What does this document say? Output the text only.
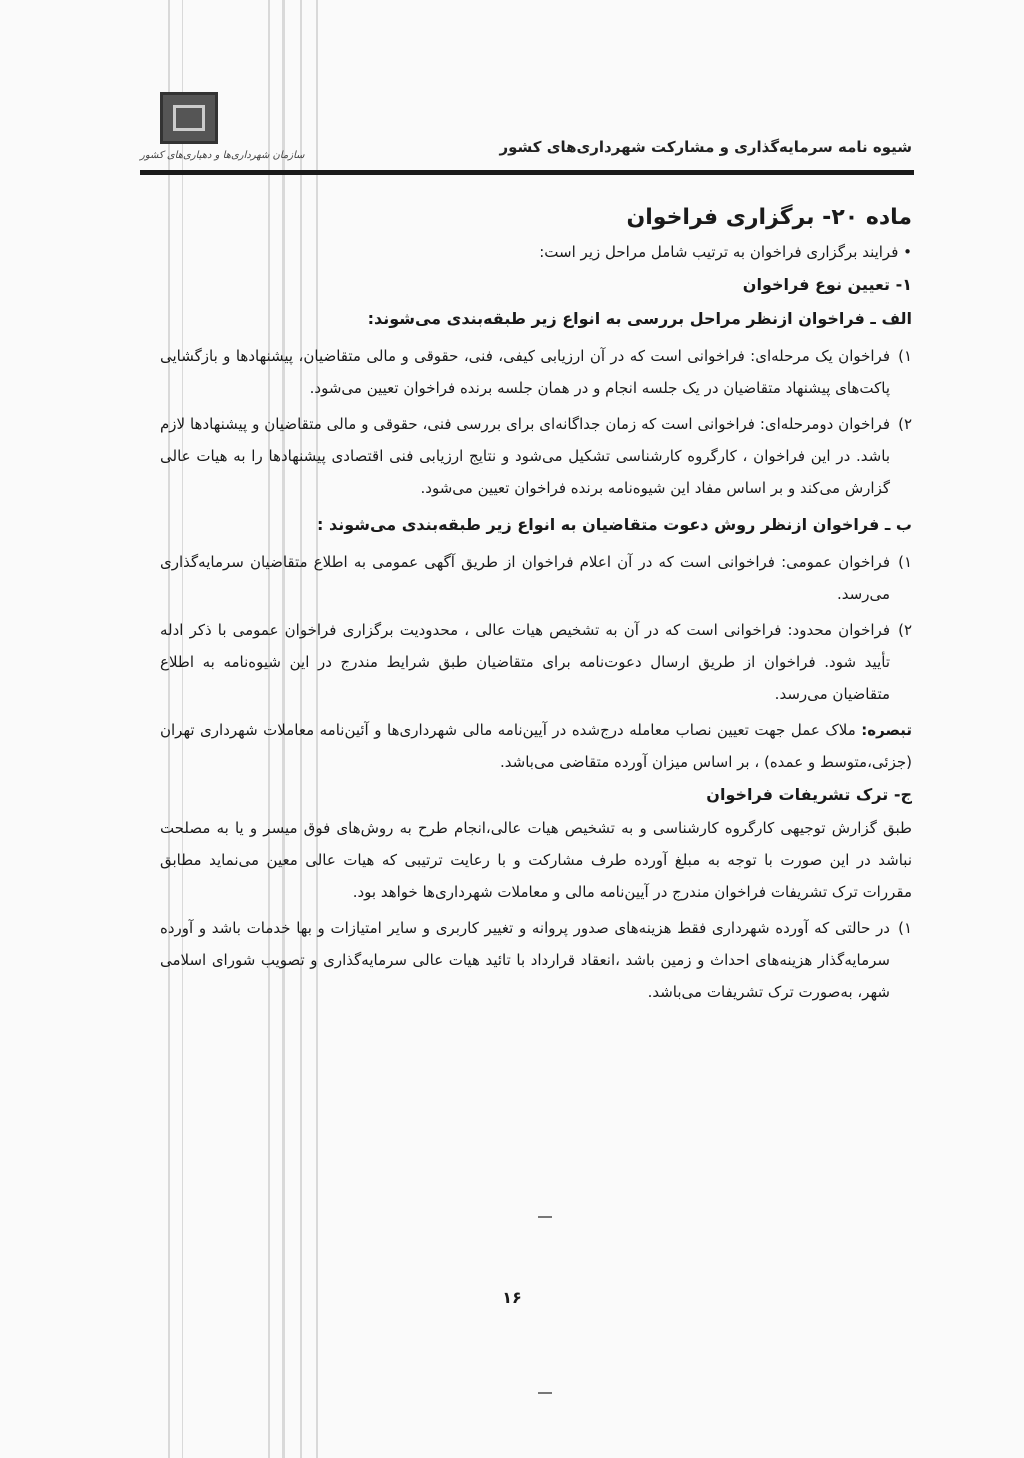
سازمان شهرداری‌ها و دهیاری‌های کشور	شیوه نامه سرمایه‌گذاری و مشارکت شهرداری‌های کشور
ماده ۲۰- برگزاری فراخوان

• فرایند برگزاری فراخوان به ترتیب شامل مراحل زیر است:

۱- تعیین نوع فراخوان

الف ـ فراخوان ازنظر مراحل بررسی به انواع زیر طبقه‌بندی می‌شوند:

۱)
فراخوان یک مرحله‌ای: فراخوانی است که در آن ارزیابی کیفی، فنی، حقوقی و مالی متقاضیان، پیشنهادها و بازگشایی پاکت‌های پیشنهاد متقاضیان در یک جلسه انجام و در همان جلسه برنده فراخوان تعیین می‌شود.
۲)
فراخوان دومرحله‌ای: فراخوانی است که زمان جداگانه‌ای برای بررسی فنی، حقوقی و مالی متقاضیان و پیشنهادها لازم باشد. در این فراخوان ، کارگروه کارشناسی تشکیل می‌شود و نتایج ارزیابی فنی اقتصادی پیشنهادها را به هیات عالی گزارش می‌کند و بر اساس مفاد این شیوه‌نامه برنده فراخوان تعیین می‌شود.

ب ـ فراخوان ازنظر روش دعوت متقاضیان به انواع زیر طبقه‌بندی می‌شوند :

۱)
فراخوان عمومی: فراخوانی است که در آن اعلام فراخوان از طریق آگهی عمومی به اطلاع متقاضیان سرمایه‌گذاری می‌رسد.
۲)
فراخوان محدود: فراخوانی است که در آن به تشخیص هیات عالی ، محدودیت برگزاری فراخوان عمومی با ذکر ادله تأیید شود. فراخوان از طریق ارسال دعوت‌نامه برای متقاضیان طبق شرایط مندرج در این شیوه‌نامه به اطلاع متقاضیان می‌رسد.

تبصره: ملاک عمل جهت تعیین نصاب معامله درج‌شده در آیین‌نامه مالی شهرداری‌ها و آئین‌نامه معاملات شهرداری تهران (جزئی،متوسط و عمده) ، بر اساس میزان آورده متقاضی می‌باشد.

ج- ترک تشریفات فراخوان

طبق گزارش توجیهی کارگروه کارشناسی و به تشخیص هیات عالی،انجام طرح به روش‌های فوق میسر و یا به مصلحت نباشد در این صورت با توجه به مبلغ آورده طرف مشارکت و با رعایت ترتیبی که هیات عالی معین می‌نماید مطابق مقررات ترک تشریفات فراخوان مندرج در آیین‌نامه مالی و معاملات شهرداری‌ها خواهد بود.

۱)
در حالتی که آورده شهرداری فقط هزینه‌های صدور پروانه و تغییر کاربری و سایر امتیازات و بها خدمات باشد و آورده سرمایه‌گذار هزینه‌های احداث و زمین باشد ،انعقاد قرارداد با تائید هیات عالی سرمایه‌گذاری و تصویب شورای اسلامی شهر، به‌صورت ترک تشریفات می‌باشد.
۱۶
